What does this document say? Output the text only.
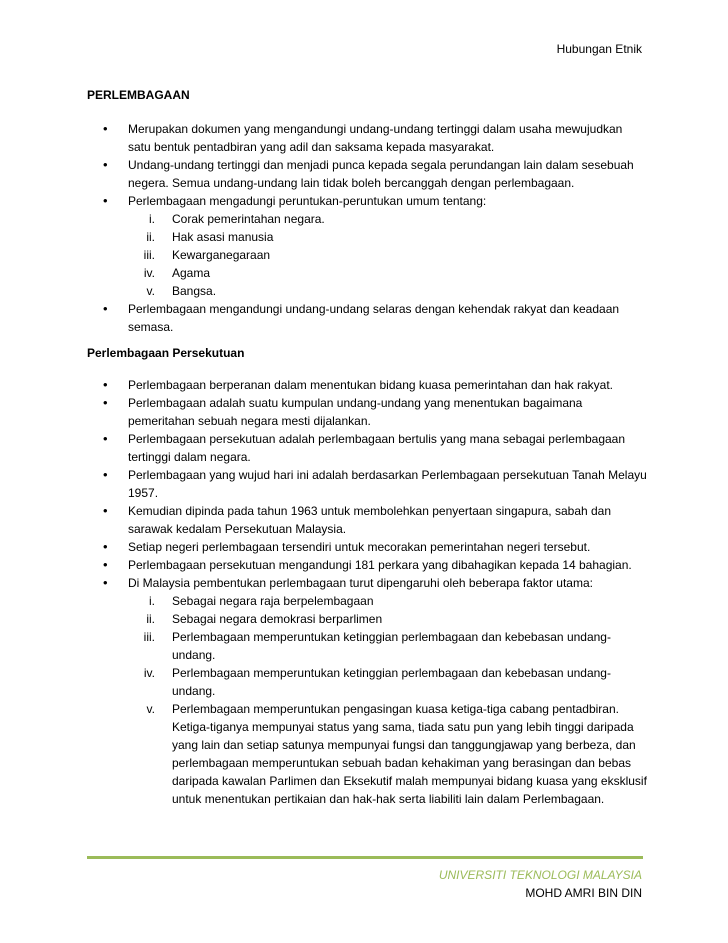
Hubungan Etnik
PERLEMBAGAAN
• Merupakan dokumen yang mengandungi undang-undang tertinggi dalam usaha mewujudkan satu bentuk pentadbiran yang adil dan saksama kepada masyarakat.
• Undang-undang tertinggi dan menjadi punca kepada segala perundangan lain dalam sesebuah negera. Semua undang-undang lain tidak boleh bercanggah dengan perlembagaan.
• Perlembagaan mengadungi peruntukan-peruntukan umum tentang:
i. Corak pemerintahan negara.
ii. Hak asasi manusia
iii. Kewarganegaraan
iv. Agama
v. Bangsa.
• Perlembagaan mengandungi undang-undang selaras dengan kehendak rakyat dan keadaan semasa.
Perlembagaan Persekutuan
• Perlembagaan berperanan dalam menentukan bidang kuasa pemerintahan dan hak rakyat.
• Perlembagaan adalah suatu kumpulan undang-undang yang menentukan bagaimana pemeritahan sebuah negara mesti dijalankan.
• Perlembagaan persekutuan adalah perlembagaan bertulis yang mana sebagai perlembagaan tertinggi dalam negara.
• Perlembagaan yang wujud hari ini adalah berdasarkan Perlembagaan persekutuan Tanah Melayu 1957.
• Kemudian dipinda pada tahun 1963 untuk membolehkan penyertaan singapura, sabah dan sarawak kedalam Persekutuan Malaysia.
• Setiap negeri perlembagaan tersendiri untuk mecorakan pemerintahan negeri tersebut.
• Perlembagaan persekutuan mengandungi 181 perkara yang dibahagikan kepada 14 bahagian.
• Di Malaysia pembentukan perlembagaan turut dipengaruhi oleh beberapa faktor utama:
i. Sebagai negara raja berpelembagaan
ii. Sebagai negara demokrasi berparlimen
iii. Perlembagaan memperuntukan ketinggian perlembagaan dan kebebasan undang-undang.
iv. Perlembagaan memperuntukan ketinggian perlembagaan dan kebebasan undang-undang.
v. Perlembagaan memperuntukan pengasingan kuasa ketiga-tiga cabang pentadbiran. Ketiga-tiganya mempunyai status yang sama, tiada satu pun yang lebih tinggi daripada yang lain dan setiap satunya mempunyai fungsi dan tanggungjawap yang berbeza, dan perlembagaan memperuntukan sebuah badan kehakiman yang berasingan dan bebas daripada kawalan Parlimen dan Eksekutif malah mempunyai bidang kuasa yang eksklusif untuk menentukan pertikaian dan hak-hak serta liabiliti lain dalam Perlembagaan.
UNIVERSITI TEKNOLOGI MALAYSIA
MOHD AMRI BIN DIN
